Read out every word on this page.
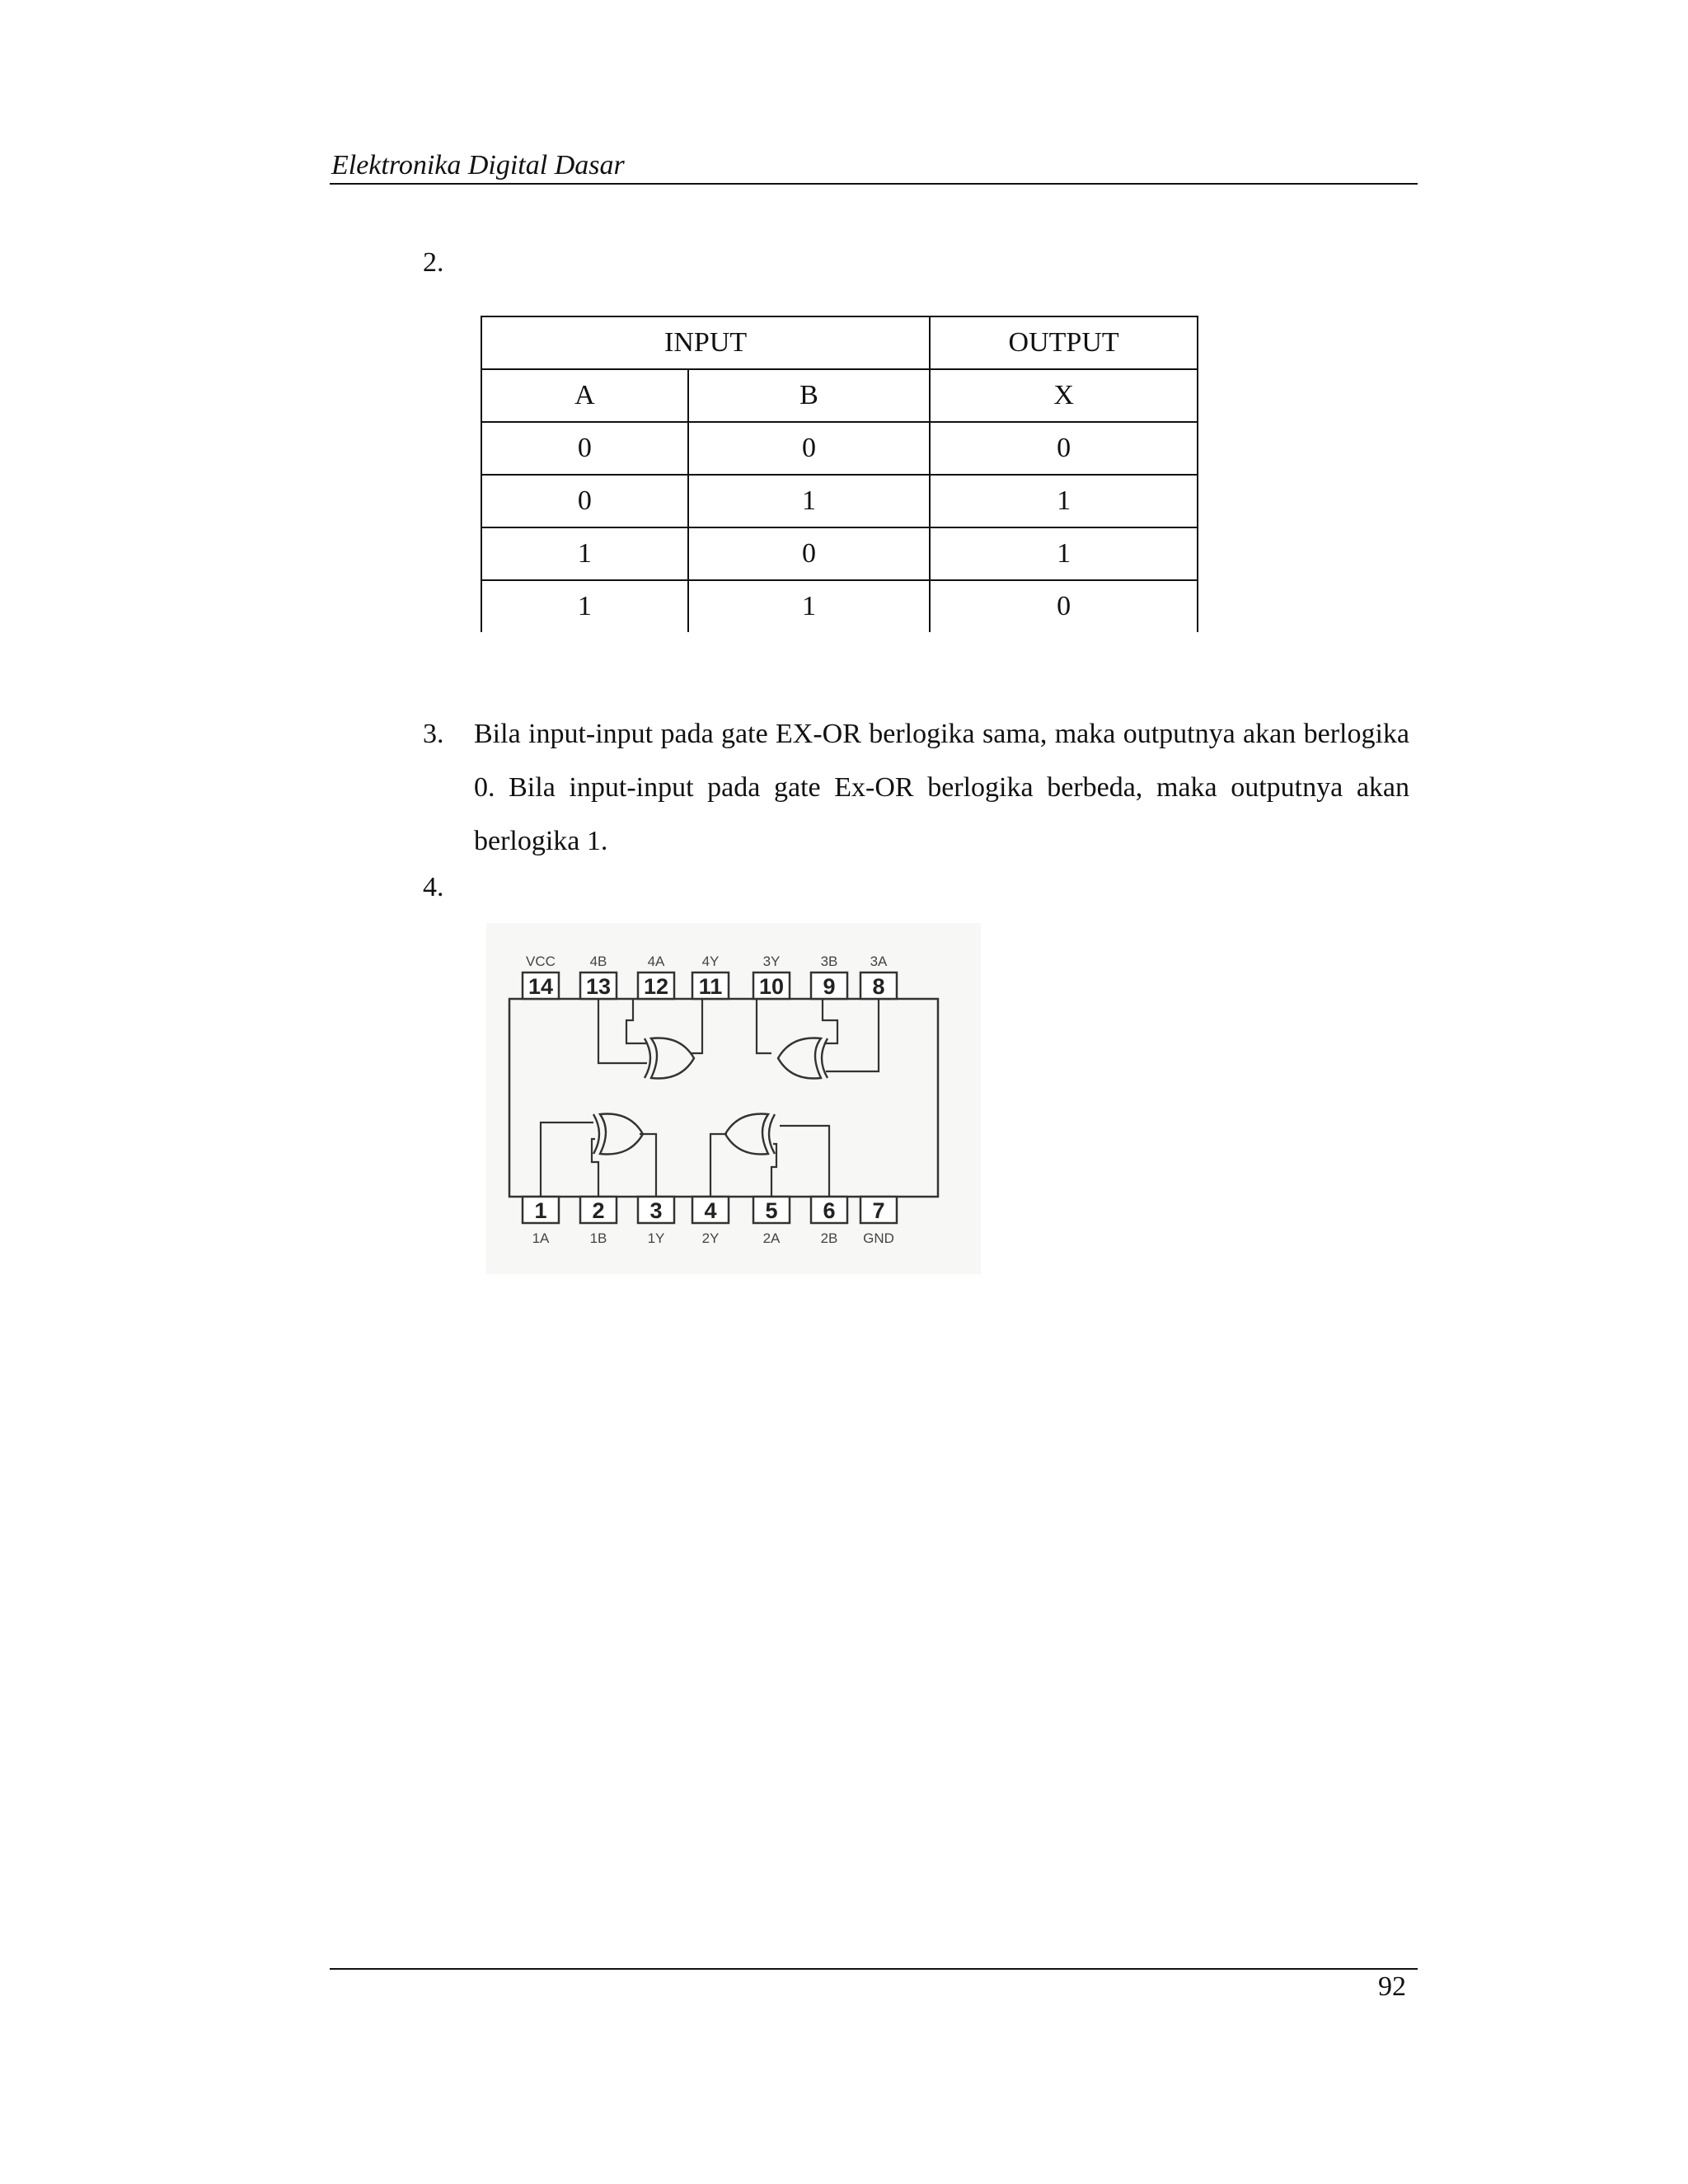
Elektronika Digital Dasar
2.
INPUT		OUTPUT
A	B	X
0	0	0
0	1	1
1	0	1
1	1	0
3. Bila input-input pada gate EX-OR berlogika sama, maka outputnya akan berlogika 0. Bila input-input pada gate Ex-OR berlogika berbeda, maka outputnya akan berlogika 1.
4.
14
VCC
13
4B
12
4A
11
4Y
10
3Y
9
3B
8
3A
1
1A
2
1B
3
1Y
4
2Y
5
2A
6
2B
7
GND
92
